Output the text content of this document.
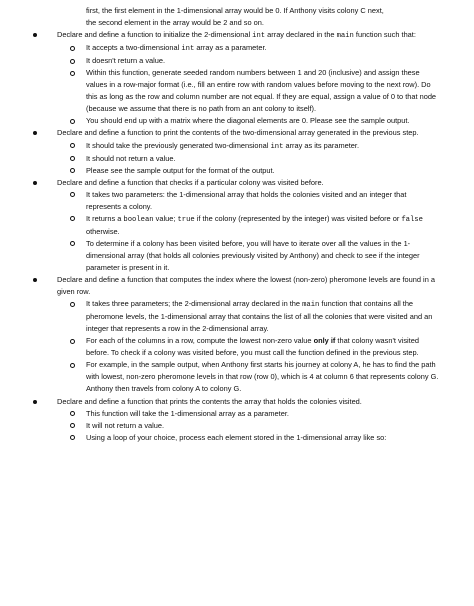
first, the first element in the 1-dimensional array would be 0. If Anthony visits colony C next,
the second element in the array would be 2 and so on.
Declare and define a function to initialize the 2-dimensional int array declared in the main function such that:
It accepts a two-dimensional int array as a parameter.
It doesn't return a value.
Within this function, generate seeded random numbers between 1 and 20 (inclusive) and assign these values in a row-major format (i.e., fill an entire row with random values before moving to the next row). Do this as long as the row and column number are not equal. If they are equal, assign a value of 0 to that node (because we assume that there is no path from an ant colony to itself).
You should end up with a matrix where the diagonal elements are 0. Please see the sample output.
Declare and define a function to print the contents of the two-dimensional array generated in the previous step.
It should take the previously generated two-dimensional int array as its parameter.
It should not return a value.
Please see the sample output for the format of the output.
Declare and define a function that checks if a particular colony was visited before.
It takes two parameters: the 1-dimensional array that holds the colonies visited and an integer that represents a colony.
It returns a boolean value; true if the colony (represented by the integer) was visited before or false otherwise.
To determine if a colony has been visited before, you will have to iterate over all the values in the 1-dimensional array (that holds all colonies previously visited by Anthony) and check to see if the integer parameter is present in it.
Declare and define a function that computes the index where the lowest (non-zero) pheromone levels are found in a given row.
It takes three parameters; the 2-dimensional array declared in the main function that contains all the pheromone levels, the 1-dimensional array that contains the list of all the colonies that were visited and an integer that represents a row in the 2-dimensional array.
For each of the columns in a row, compute the lowest non-zero value only if that colony wasn't visited before. To check if a colony was visited before, you must call the function defined in the previous step.
For example, in the sample output, when Anthony first starts his journey at colony A, he has to find the path with lowest, non-zero pheromone levels in that row (row 0), which is 4 at column 6 that represents colony G. Anthony then travels from colony A to colony G.
Declare and define a function that prints the contents the array that holds the colonies visited.
This function will take the 1-dimensional array as a parameter.
It will not return a value.
Using a loop of your choice, process each element stored in the 1-dimensional array like so:
